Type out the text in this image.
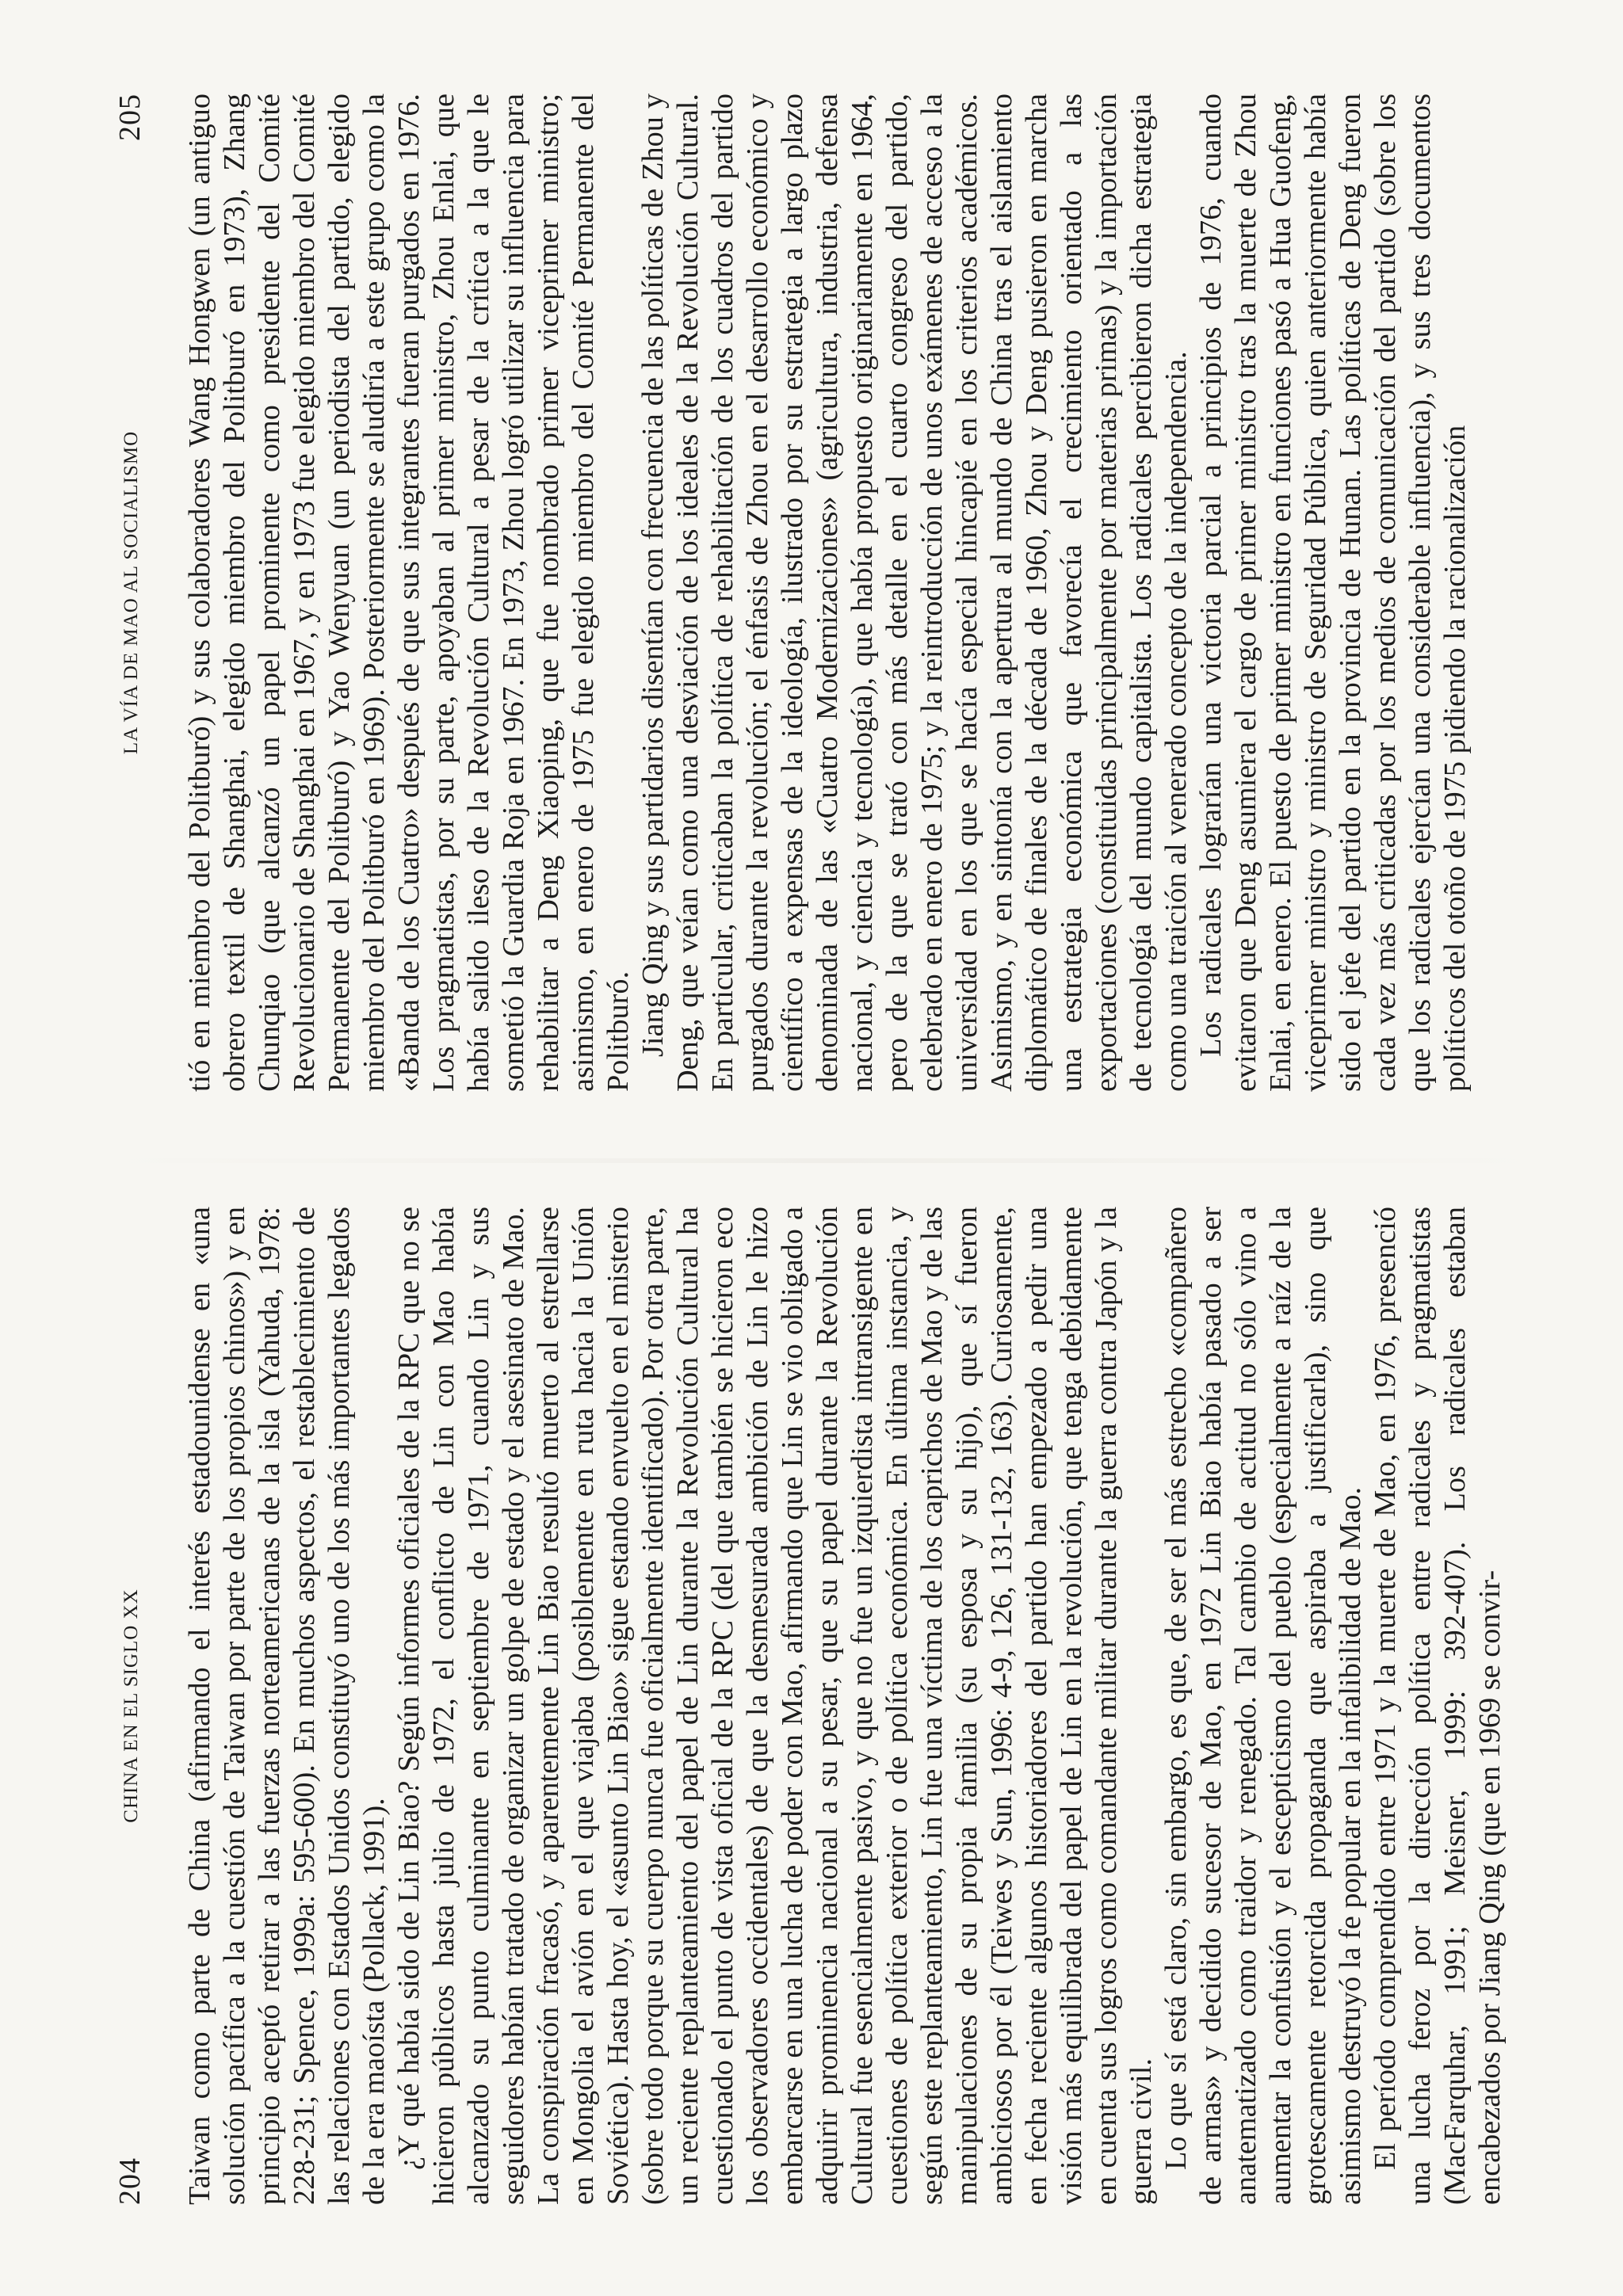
204
CHINA EN EL SIGLO XX Taiwan como parte de China (afirmando el interés estadounidense en «una solución pacífica a la cuestión de Taiwan por parte de los propios chinos») y en principio aceptó retirar a las fuerzas norteamericanas de la isla (Yahuda, 1978: 228-231; Spence, 1999a: 595-600). En muchos aspectos, el restablecimiento de las relaciones con Estados Unidos constituyó uno de los más importantes legados de la era maoísta (Pollack, 1991). ¿Y qué había sido de Lin Biao? Según informes oficiales de la RPC que no se hicieron públicos hasta julio de 1972, el conflicto de Lin con Mao había alcanzado su punto culminante en septiembre de 1971, cuando Lin y sus seguidores habían tratado de organizar un golpe de estado y el asesinato de Mao. La conspiración fracasó, y aparentemente Lin Biao resultó muerto al estrellarse en Mongolia el avión en el que viajaba (posiblemente en ruta hacia la Unión Soviética). Hasta hoy, el «asunto Lin Biao» sigue estando envuelto en el misterio (sobre todo porque su cuerpo nunca fue oficialmente identificado). Por otra parte, un reciente replanteamiento del papel de Lin durante la Revolución Cultural ha cuestionado el punto de vista oficial de la RPC (del que también se hicieron eco los observadores occidentales) de que la desmesurada ambición de Lin le hizo embarcarse en una lucha de poder con Mao, afirmando que Lin se vio obligado a adquirir prominencia nacional a su pesar, que su papel durante la Revolución Cultural fue esencialmente pasivo, y que no fue un izquierdista intransigente en cuestiones de política exterior o de política económica. En última instancia, y según este replanteamiento, Lin fue una víctima de los caprichos de Mao y de las manipulaciones de su propia familia (su esposa y su hijo), que sí fueron ambiciosos por él (Teiwes y Sun, 1996: 4-9, 126, 131-132, 163). Curiosamente, en fecha reciente algunos historiadores del partido han empezado a pedir una visión más equilibrada del papel de Lin en la revolución, que tenga debidamente en cuenta sus logros como comandante militar durante la guerra contra Japón y la guerra civil. Lo que sí está claro, sin embargo, es que, de ser el más estrecho «compañero de armas» y decidido sucesor de Mao, en 1972 Lin Biao había pasado a ser anatematizado como traidor y renegado. Tal cambio de actitud no sólo vino a aumentar la confusión y el escepticismo del pueblo (especialmente a raíz de la grotescamente retorcida propaganda que aspiraba a justificarla), sino que asimismo destruyó la fe popular en la infalibilidad de Mao. El período comprendido entre 1971 y la muerte de Mao, en 1976, presenció una lucha feroz por la dirección política entre radicales y pragmatistas (MacFarquhar, 1991; Meisner, 1999: 392-407). Los radicales estaban encabezados por Jiang Qing (que en 1969 se convir-

LA VÍA DE MAO AL SOCIALISMO
205 tió en miembro del Politburó) y sus colaboradores Wang Hongwen (un antiguo obrero textil de Shanghai, elegido miembro del Politburó en 1973), Zhang Chunqiao (que alcanzó un papel prominente como presidente del Comité Revolucionario de Shanghai en 1967, y en 1973 fue elegido miembro del Comité Permanente del Politburó) y Yao Wenyuan (un periodista del partido, elegido miembro del Politburó en 1969). Posteriormente se aludiría a este grupo como la «Banda de los Cuatro» después de que sus integrantes fueran purgados en 1976. Los pragmatistas, por su parte, apoyaban al primer ministro, Zhou Enlai, que había salido ileso de la Revolución Cultural a pesar de la crítica a la que le sometió la Guardia Roja en 1967. En 1973, Zhou logró utilizar su influencia para rehabilitar a Deng Xiaoping, que fue nombrado primer viceprimer ministro; asimismo, en enero de 1975 fue elegido miembro del Comité Permanente del Politburó. Jiang Qing y sus partidarios disentían con frecuencia de las políticas de Zhou y Deng, que veían como una desviación de los ideales de la Revolución Cultural. En particular, criticaban la política de rehabilitación de los cuadros del partido purgados durante la revolución; el énfasis de Zhou en el desarrollo económico y científico a expensas de la ideología, ilustrado por su estrategia a largo plazo denominada de las «Cuatro Modernizaciones» (agricultura, industria, defensa nacional, y ciencia y tecnología), que había propuesto originariamente en 1964, pero de la que se trató con más detalle en el cuarto congreso del partido, celebrado en enero de 1975; y la reintroducción de unos exámenes de acceso a la universidad en los que se hacía especial hincapié en los criterios académicos. Asimismo, y en sintonía con la apertura al mundo de China tras el aislamiento diplomático de finales de la década de 1960, Zhou y Deng pusieron en marcha una estrategia económica que favorecía el crecimiento orientado a las exportaciones (constituidas principalmente por materias primas) y la importación de tecnología del mundo capitalista. Los radicales percibieron dicha estrategia como una traición al venerado concepto de la independencia. Los radicales lograrían una victoria parcial a principios de 1976, cuando evitaron que Deng asumiera el cargo de primer ministro tras la muerte de Zhou Enlai, en enero. El puesto de primer ministro en funciones pasó a Hua Guofeng, viceprimer ministro y ministro de Seguridad Pública, quien anteriormente había sido el jefe del partido en la provincia de Hunan. Las políticas de Deng fueron cada vez más criticadas por los medios de comunicación del partido (sobre los que los radicales ejercían una considerable influencia), y sus tres documentos políticos del otoño de 1975 pidiendo la racionalización
